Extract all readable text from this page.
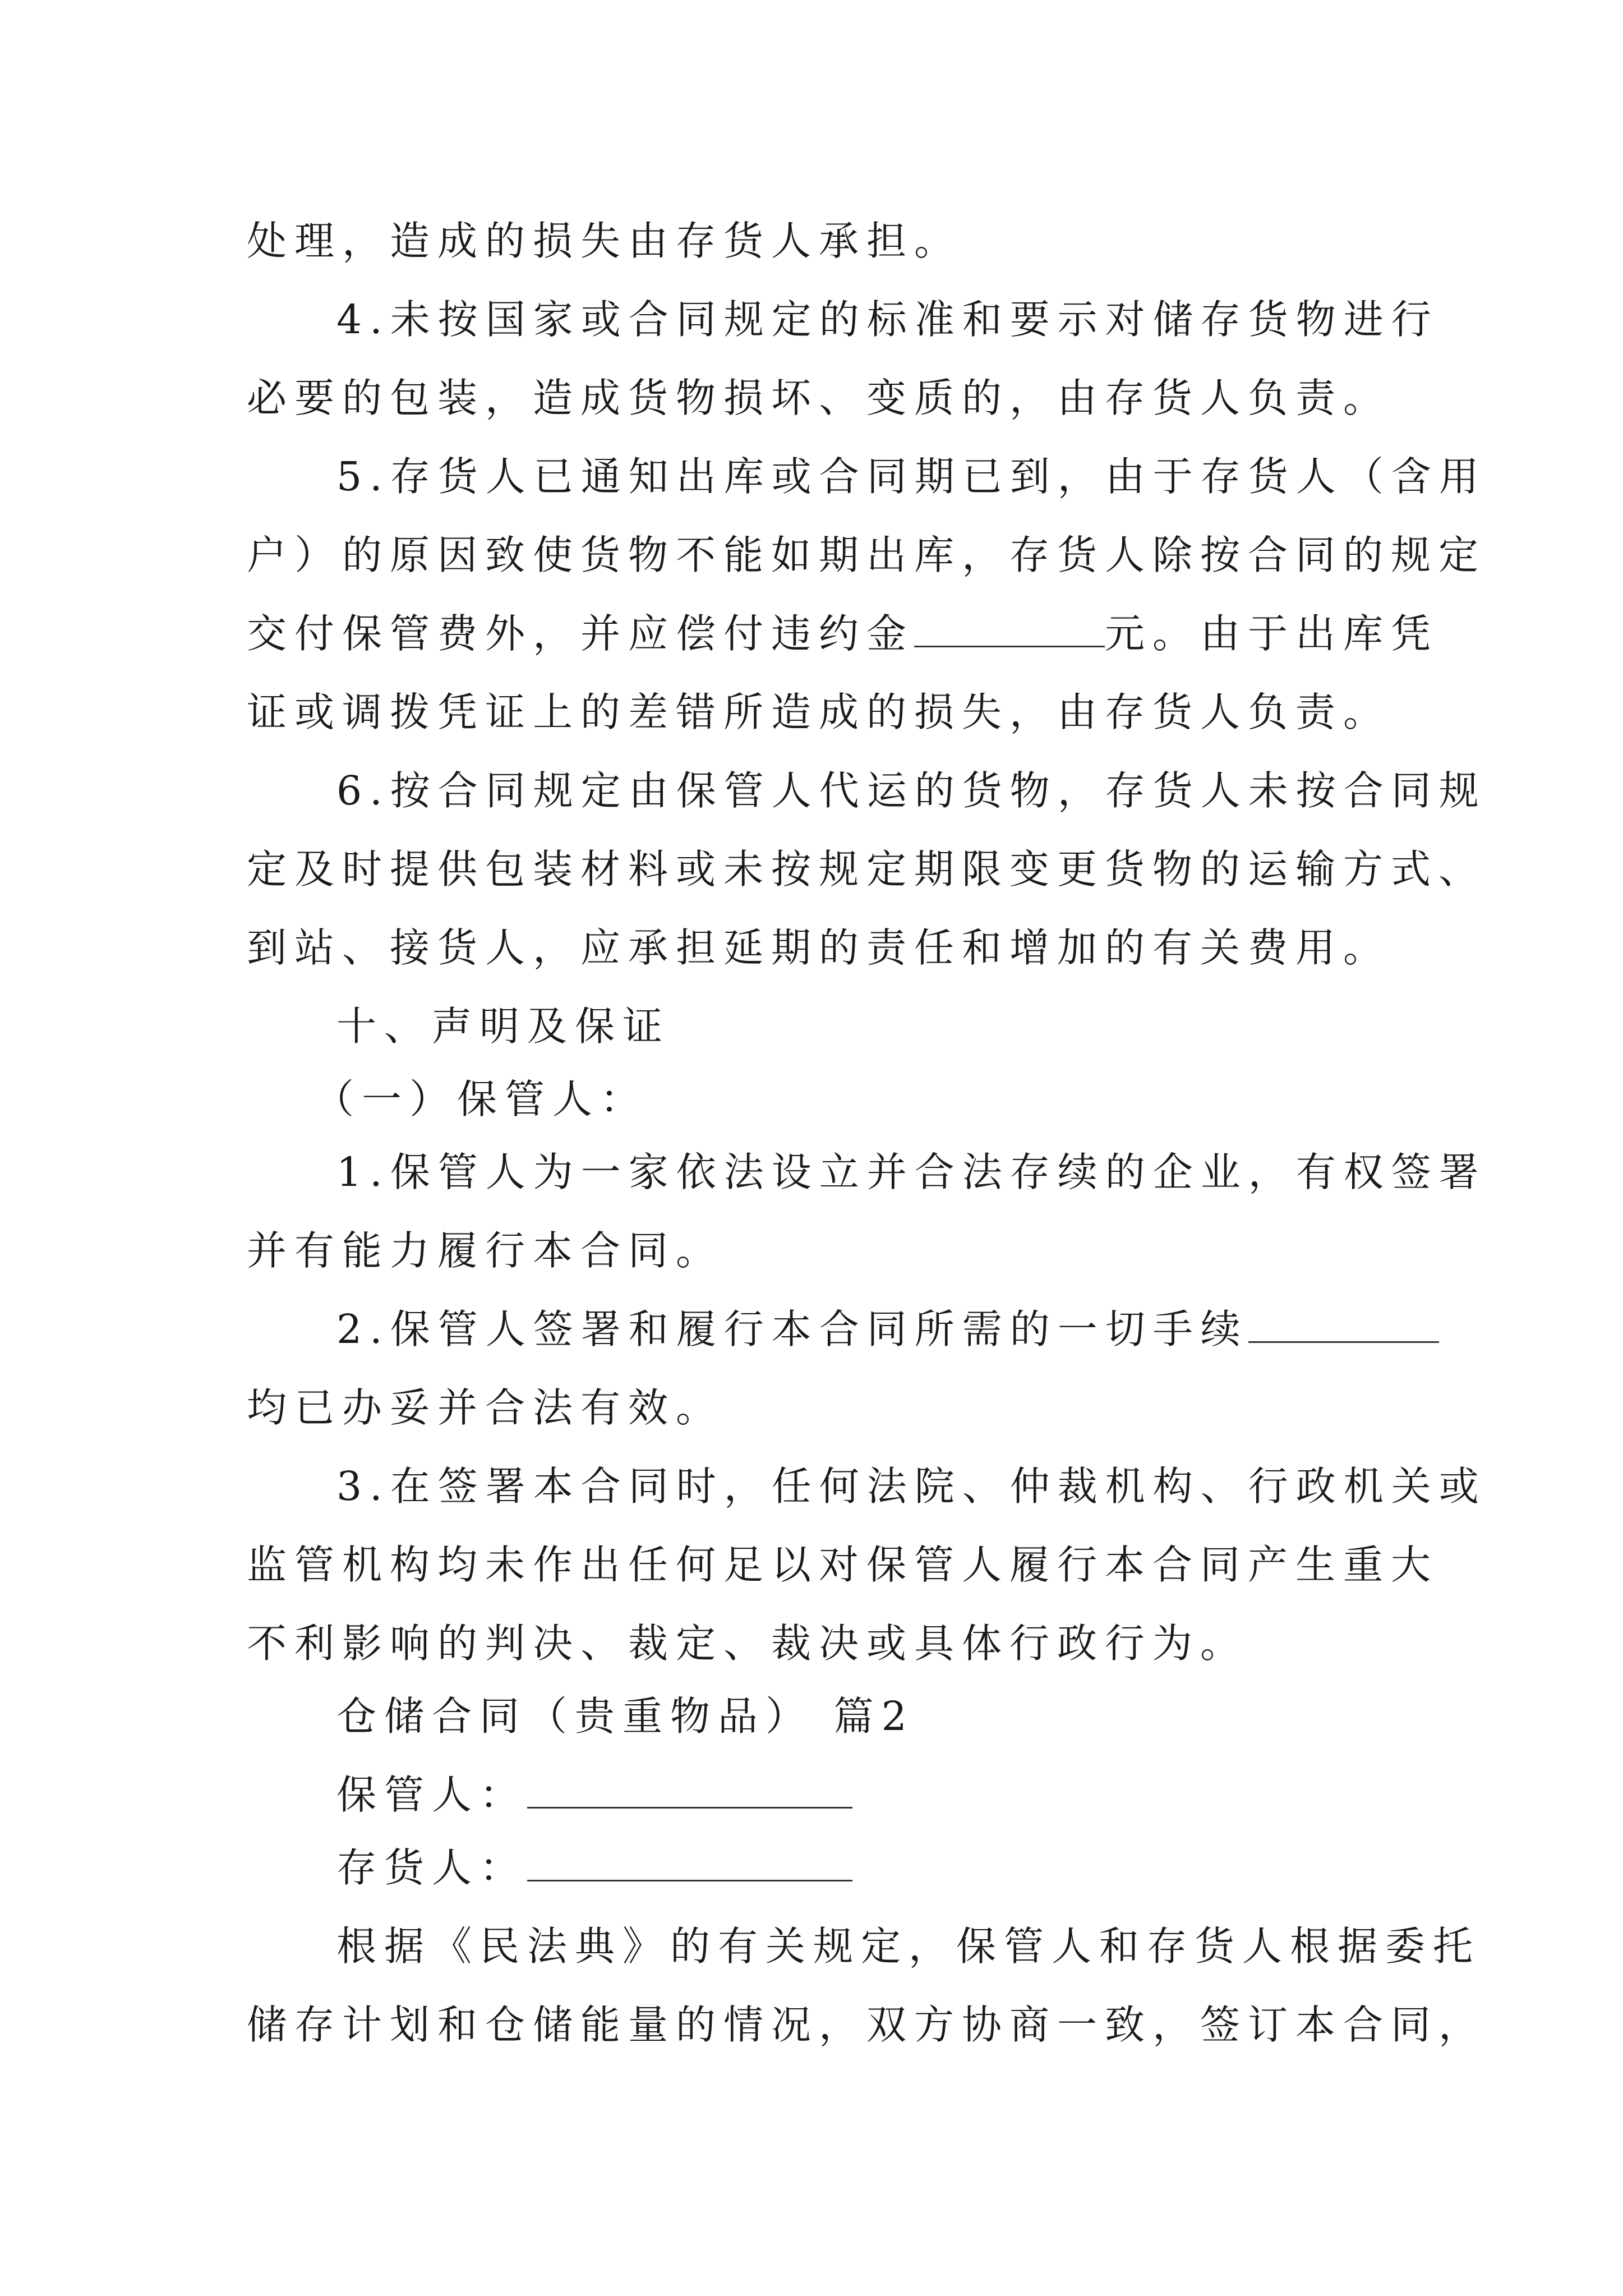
处理，造成的损失由存货人承担。
4.未按国家或合同规定的标准和要示对储存货物进行
必要的包装，造成货物损坏、变质的，由存货人负责。
5.存货人已通知出库或合同期已到，由于存货人（含用
户）的原因致使货物不能如期出库，存货人除按合同的规定
交付保管费外，并应偿付违约金	元。由于出库凭
证或调拨凭证上的差错所造成的损失，由存货人负责。
6.按合同规定由保管人代运的货物，存货人未按合同规
定及时提供包装材料或未按规定期限变更货物的运输方式、
到站、接货人，应承担延期的责任和增加的有关费用。
十、声明及保证
（一）保管人：
1.保管人为一家依法设立并合法存续的企业，有权签署
并有能力履行本合同。
2.保管人签署和履行本合同所需的一切手续
均已办妥并合法有效。
3.在签署本合同时，任何法院、仲裁机构、行政机关或
监管机构均未作出任何足以对保管人履行本合同产生重大
不利影响的判决、裁定、裁决或具体行政行为。
仓储合同（贵重物品） 篇2
保管人：
存货人：
根据《民法典》的有关规定，保管人和存货人根据委托
储存计划和仓储能量的情况，双方协商一致，签订本合同，
